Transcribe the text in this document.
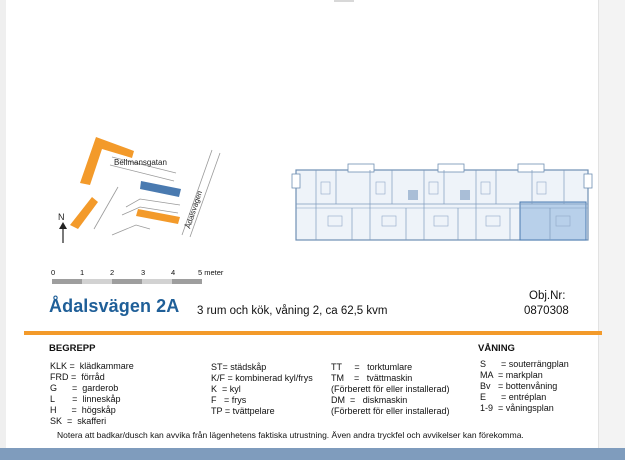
Bellmansgatan
Ådalsvägen
N
0	1	2	3	4	5 meter
Ådalsvägen 2A 3 rum och kök, våning 2, ca 62,5 kvm
Obj.Nr:
0870308
BEGREPP	VÅNING
KLK =  klädkammare
FRD =  förråd
G      =  garderob
L       =  linneskåp
H      =  högskåp
SK  =  skafferi
ST= städskåp
K/F = kombinerad kyl/frys
K  = kyl
F   = frys
TP = tvättpelare
TT     =   torktumlare
TM    =   tvättmaskin
(Förberett för eller installerad)
DM  =   diskmaskin
(Förberett för eller installerad)
S      = souterrängplan
MA  = markplan
Bv   = bottenvåning
E      = entréplan
1-9  = våningsplan
Notera att badkar/dusch kan avvika från lägenhetens faktiska utrustning. Även andra tryckfel och avvikelser kan förekomma.
